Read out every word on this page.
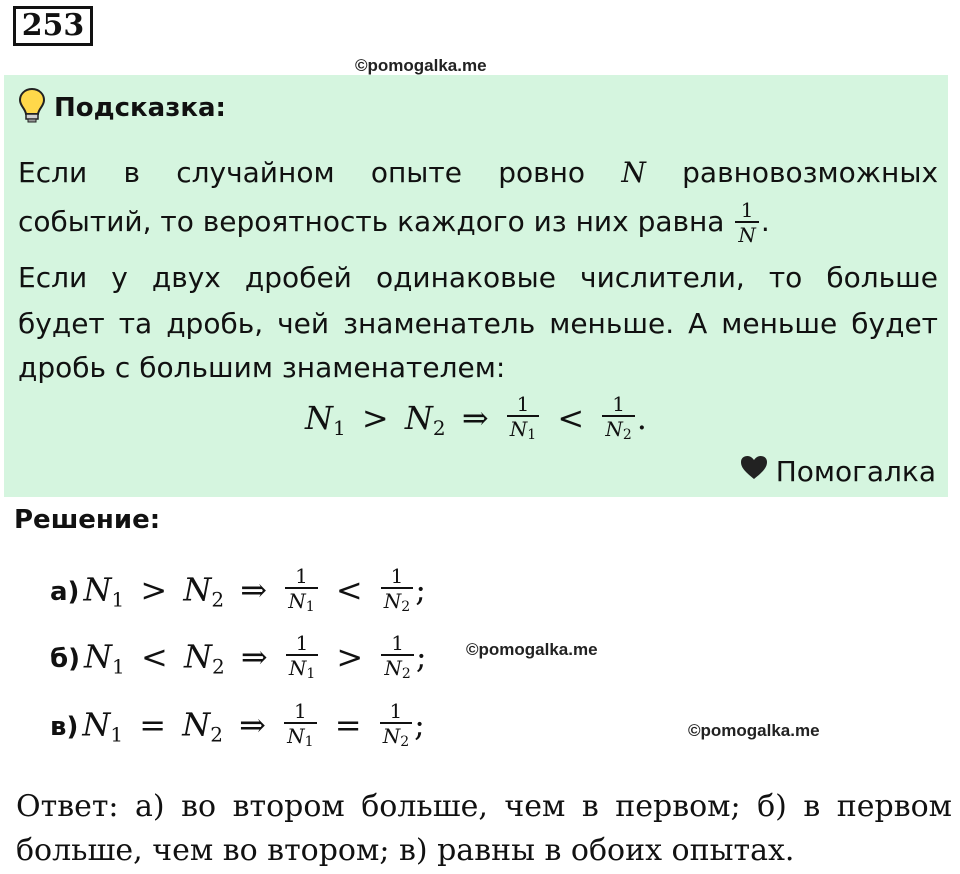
253
©pomogalka.me
Подсказка:
Если в случайном опыте ровно N равновозможных
событий, то вероятность каждого из них равна $\frac{1}{N}$ .
Если у двух дробей одинаковые числители, то больше
будет та дробь, чей знаменатель меньше. А меньше будет
дробь с большим знаменателем:
$N_1 > N_2$ ⇒ $\frac{1}{N_1} < \frac{1}{N_2}$ .
Помогалка
Решение:
а) $N_1 > N_2$ ⇒ $\frac{1}{N_1} < \frac{1}{N_2}$ ;
б) $N_1 < N_2$ ⇒ $\frac{1}{N_1} > \frac{1}{N_2}$ ;
в) $N_1 = N_2$ ⇒ $\frac{1}{N_1} = \frac{1}{N_2}$ ;
©pomogalka.me
©pomogalka.me
Ответ: а) во втором больше, чем в первом; б) в первом больше, чем во втором; в) равны в обоих опытах.
